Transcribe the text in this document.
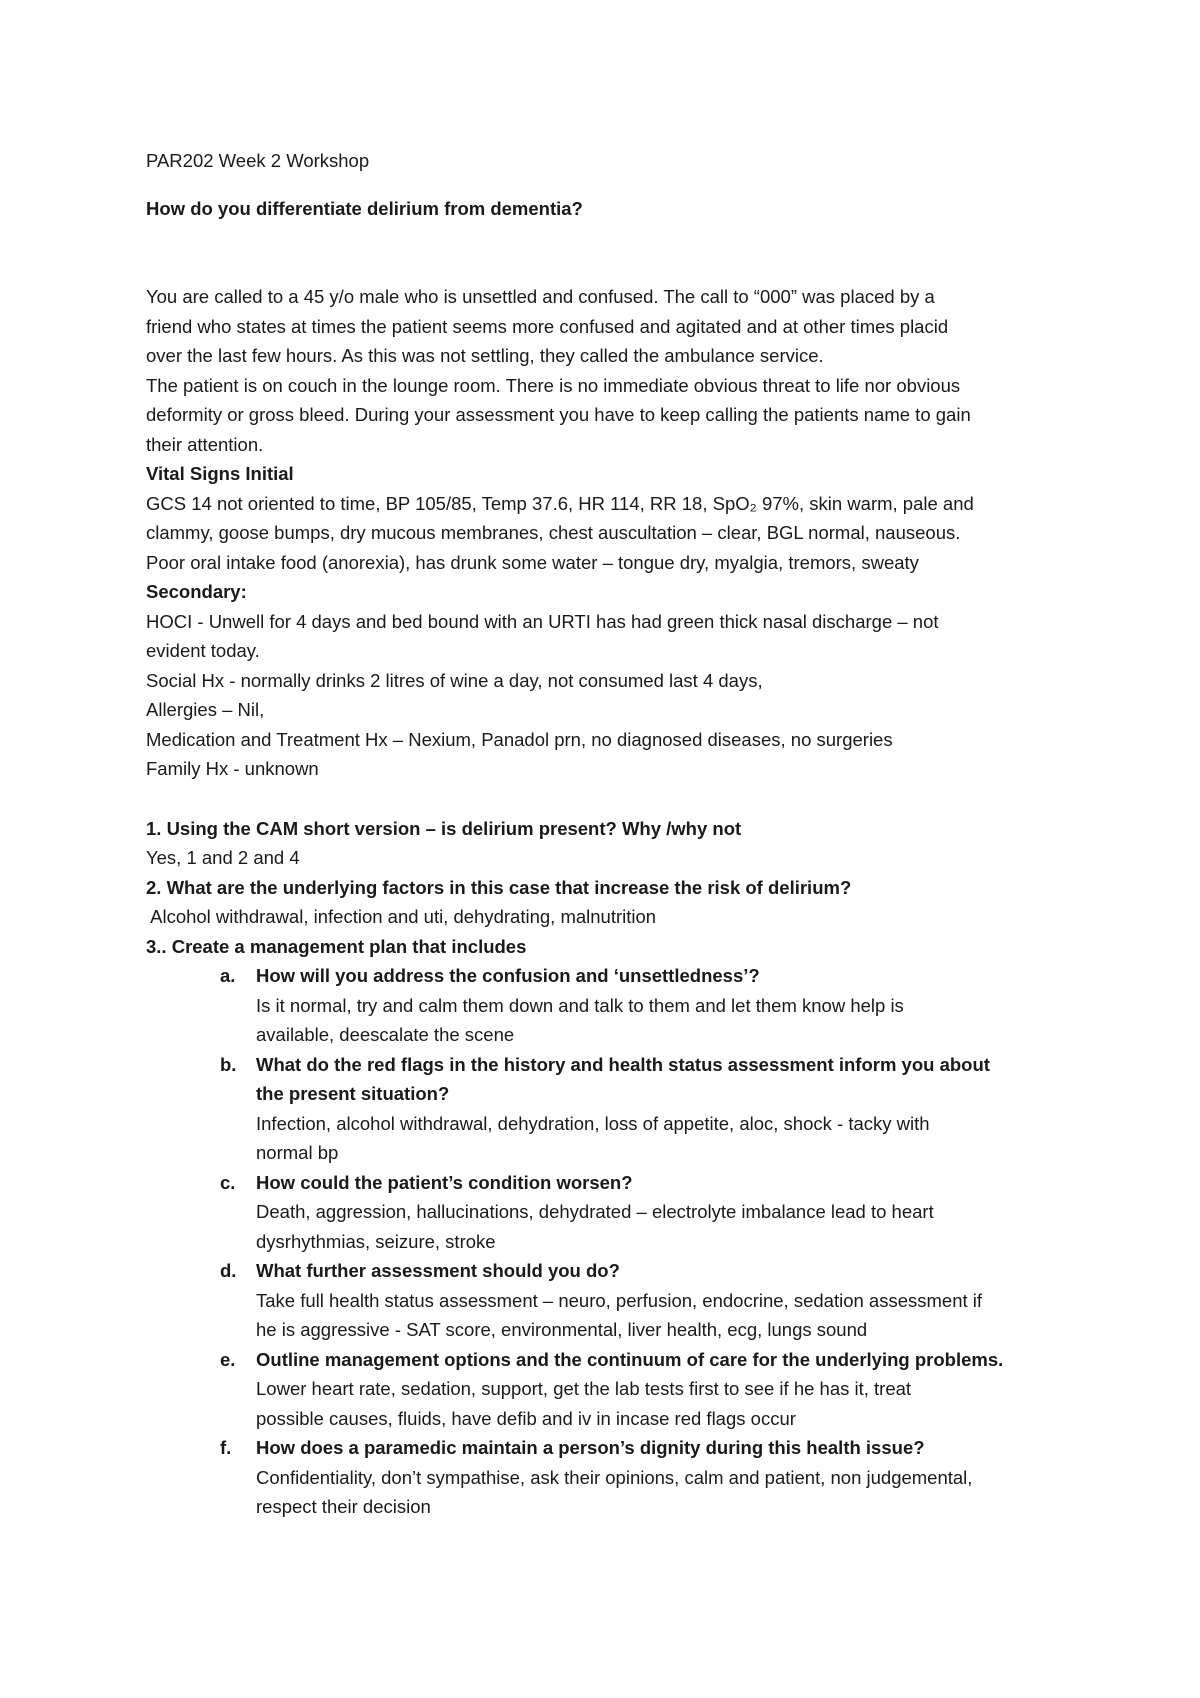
PAR202 Week 2 Workshop

How do you differentiate delirium from dementia?

You are called to a 45 y/o male who is unsettled and confused. The call to “000” was placed by a

friend who states at times the patient seems more confused and agitated and at other times placid

over the last few hours. As this was not settling, they called the ambulance service.

The patient is on couch in the lounge room. There is no immediate obvious threat to life nor obvious

deformity or gross bleed. During your assessment you have to keep calling the patients name to gain

their attention.

Vital Signs Initial

GCS 14 not oriented to time, BP 105/85, Temp 37.6, HR 114, RR 18, SpO₂ 97%, skin warm, pale and

clammy, goose bumps, dry mucous membranes, chest auscultation – clear, BGL normal, nauseous.

Poor oral intake food (anorexia), has drunk some water – tongue dry, myalgia, tremors, sweaty

Secondary:

HOCI - Unwell for 4 days and bed bound with an URTI has had green thick nasal discharge – not

evident today.

Social Hx - normally drinks 2 litres of wine a day, not consumed last 4 days,

Allergies – Nil,

Medication and Treatment Hx – Nexium, Panadol prn, no diagnosed diseases, no surgeries

Family Hx - unknown

1. Using the CAM short version – is delirium present? Why /why not

Yes, 1 and 2 and 4

2. What are the underlying factors in this case that increase the risk of delirium?

Alcohol withdrawal, infection and uti, dehydrating, malnutrition

3.. Create a management plan that includes

a. How will you address the confusion and ‘unsettledness’?
Is it normal, try and calm them down and talk to them and let them know help is
available, deescalate the scene
b. What do the red flags in the history and health status assessment inform you about
the present situation?
Infection, alcohol withdrawal, dehydration, loss of appetite, aloc, shock - tacky with
normal bp
c. How could the patient’s condition worsen?
Death, aggression, hallucinations, dehydrated – electrolyte imbalance lead to heart
dysrhythmias, seizure, stroke
d. What further assessment should you do?
Take full health status assessment – neuro, perfusion, endocrine, sedation assessment if
he is aggressive - SAT score, environmental, liver health, ecg, lungs sound
e. Outline management options and the continuum of care for the underlying problems.
Lower heart rate, sedation, support, get the lab tests first to see if he has it, treat
possible causes, fluids, have defib and iv in incase red flags occur
f. How does a paramedic maintain a person’s dignity during this health issue?
Confidentiality, don’t sympathise, ask their opinions, calm and patient, non judgemental,
respect their decision
